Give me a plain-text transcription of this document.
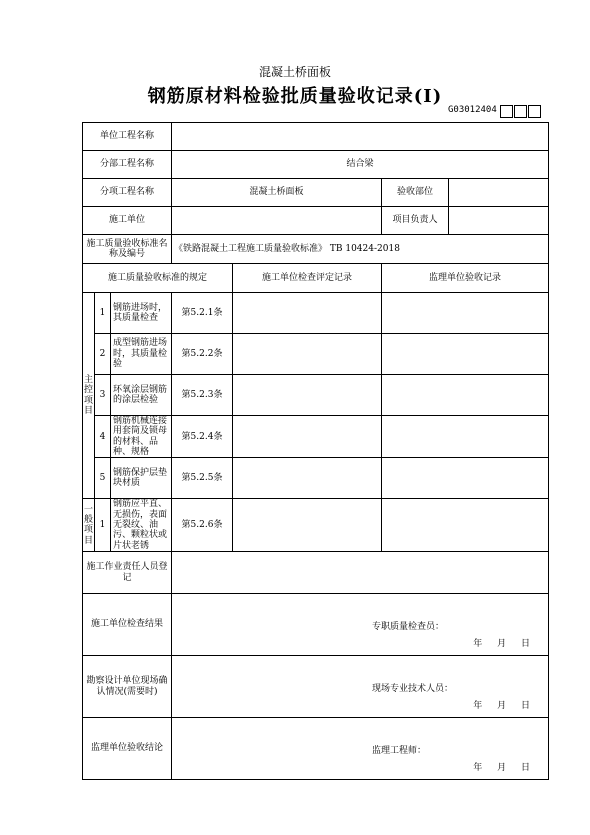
混凝土桥面板
钢筋原材料检验批质量验收记录(Ⅰ)
G03012404
单位工程名称						
分部工程名称			结合梁			
分项工程名称			混凝土桥面板		验收部位	
施工单位					项目负责人	
施工质量验收标准名称及编号			《铁路混凝土工程施工质量验收标准》 TB 10424-2018			
施工质量验收标准的规定				施工单位检查评定记录	监理单位验收记录	

主
控
项
目	1	钢筋进场时，其质量检查	第5.2.1条			
	2	成型钢筋进场时，其质量检验	第5.2.2条			
	3	环氧涂层钢筋的涂层检验	第5.2.3条			
	4	钢筋机械连接用套筒及锁母的材料、品种、规格	第5.2.4条			
	5	钢筋保护层垫块材质	第5.2.5条			

一
般
项
目	1	钢筋应平直、无损伤，表面无裂纹、油污、颗粒状或片状老锈	第5.2.6条			
施工作业责任人员登记						
施工单位检查结果			专职质量检查员：
年 月 日			

勘察设计单位现场确认情况(需要时)			现场专业技术人员：
年 月 日			

监理单位验收结论			监理工程师：
年 月 日			
